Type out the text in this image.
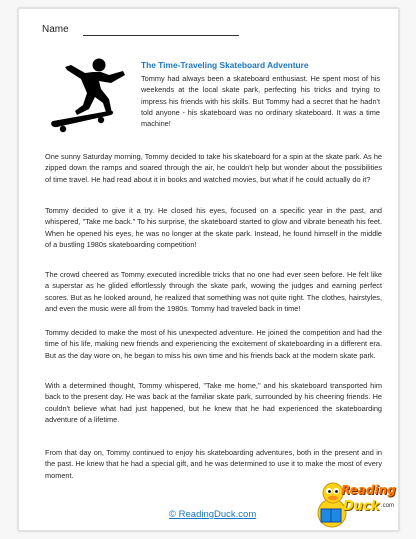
Name
The Time-Traveling Skateboard Adventure

Tommy had always been a skateboard enthusiast. He spent most of his weekends at the local skate park, perfecting his tricks and trying to impress his friends with his skills. But Tommy had a secret that he hadn't told anyone - his skateboard was no ordinary skateboard. It was a time machine!

One sunny Saturday morning, Tommy decided to take his skateboard for a spin at the skate park. As he zipped down the ramps and soared through the air, he couldn't help but wonder about the possibilities of time travel. He had read about it in books and watched movies, but what if he could actually do it?

Tommy decided to give it a try. He closed his eyes, focused on a specific year in the past, and whispered, "Take me back." To his surprise, the skateboard started to glow and vibrate beneath his feet. When he opened his eyes, he was no longer at the skate park. Instead, he found himself in the middle of a bustling 1980s skateboarding competition!

The crowd cheered as Tommy executed incredible tricks that no one had ever seen before. He felt like a superstar as he glided effortlessly through the skate park, wowing the judges and earning perfect scores. But as he looked around, he realized that something was not quite right. The clothes, hairstyles, and even the music were all from the 1980s. Tommy had traveled back in time!

Tommy decided to make the most of his unexpected adventure. He joined the competition and had the time of his life, making new friends and experiencing the excitement of skateboarding in a different era. But as the day wore on, he began to miss his own time and his friends back at the modern skate park.

With a determined thought, Tommy whispered, "Take me home," and his skateboard transported him back to the present day. He was back at the familiar skate park, surrounded by his cheering friends. He couldn't believe what had just happened, but he knew that he had experienced the skateboarding adventure of a lifetime.

From that day on, Tommy continued to enjoy his skateboarding adventures, both in the present and in the past. He knew that he had a special gift, and he was determined to use it to make the most of every moment.

© ReadingDuck.com
Reading
Duck .com
